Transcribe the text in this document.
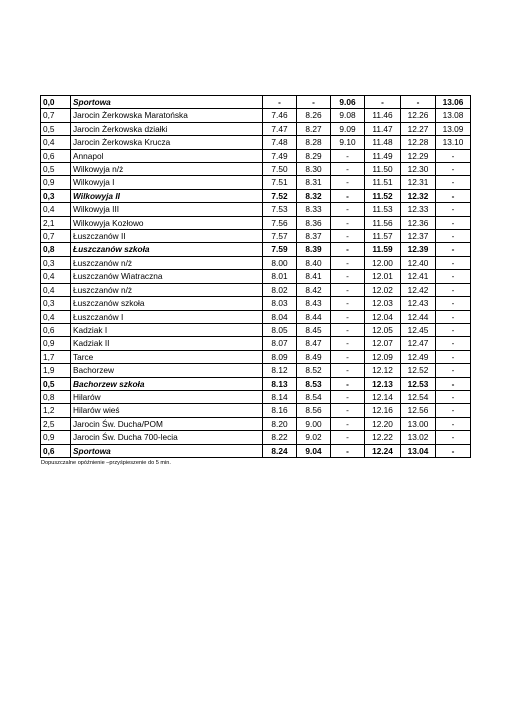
0,0	Sportowa	-	-	9.06	-	-	13.06
0,7	Jarocin Żerkowska Maratońska	7.46	8.26	9.08	11.46	12.26	13.08
0,5	Jarocin Żerkowska działki	7.47	8.27	9.09	11.47	12.27	13.09
0,4	Jarocin Żerkowska Krucza	7.48	8.28	9.10	11.48	12.28	13.10
0,6	Annapol	7.49	8.29	-	11.49	12.29	-
0,5	Wilkowyja n/ż	7.50	8.30	-	11.50	12.30	-
0,9	Wilkowyja I	7.51	8.31	-	11.51	12.31	-
0,3	Wilkowyja II	7.52	8.32	-	11.52	12.32	-
0,4	Wilkowyja III	7.53	8.33	-	11.53	12.33	-
2,1	Wilkowyja Kozłowo	7.56	8.36	-	11.56	12.36	-
0,7	Łuszczanów II	7.57	8.37	-	11.57	12.37	-
0,8	Łuszczanów szkoła	7.59	8.39	-	11.59	12.39	-
0,3	Łuszczanów n/ż	8.00	8.40	-	12.00	12.40	-
0,4	Łuszczanów Wiatraczna	8.01	8.41	-	12.01	12.41	-
0,4	Łuszczanów n/ż	8.02	8.42	-	12.02	12.42	-
0,3	Łuszczanów szkoła	8.03	8.43	-	12.03	12.43	-
0,4	Łuszczanów I	8.04	8.44	-	12.04	12.44	-
0,6	Kadziak I	8.05	8.45	-	12.05	12.45	-
0,9	Kadziak II	8.07	8.47	-	12.07	12.47	-
1,7	Tarce	8.09	8.49	-	12.09	12.49	-
1,9	Bachorzew	8.12	8.52	-	12.12	12.52	-
0,5	Bachorzew szkoła	8.13	8.53	-	12.13	12.53	-
0,8	Hilarów	8.14	8.54	-	12.14	12.54	-
1,2	Hilarów wieś	8.16	8.56	-	12.16	12.56	-
2,5	Jarocin Św. Ducha/POM	8.20	9.00	-	12.20	13.00	-
0,9	Jarocin Św. Ducha 700-lecia	8.22	9.02	-	12.22	13.02	-
0,6	Sportowa	8.24	9.04	-	12.24	13.04	-
Dopuszczalne opóźnienie –przyśpieszenie do 5 min.
